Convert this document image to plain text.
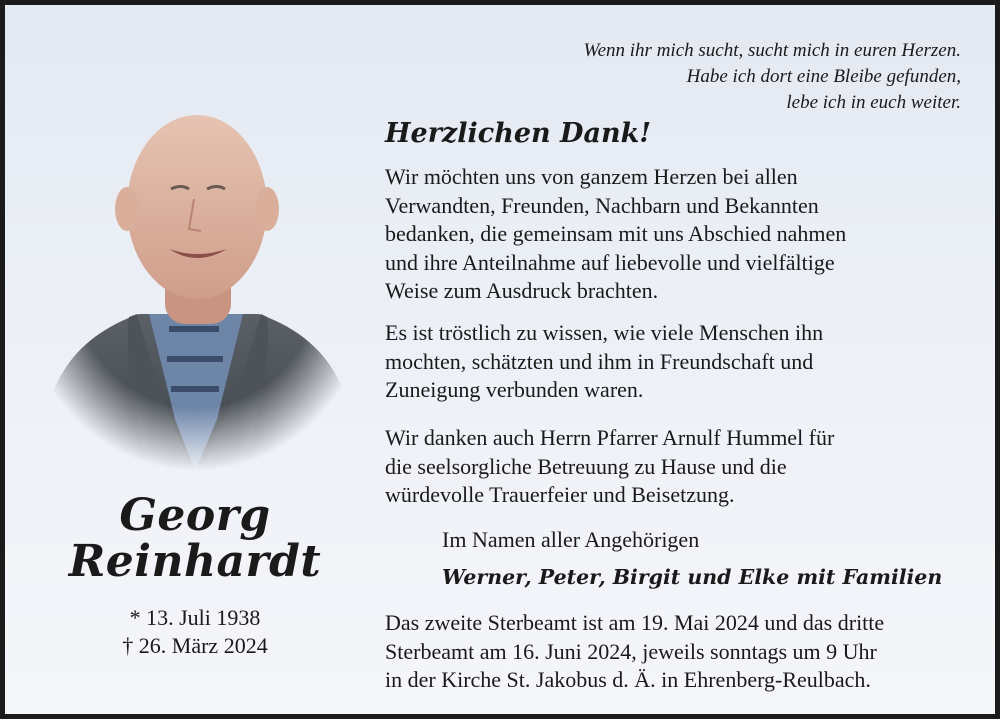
Georg
Reinhardt
* 13. Juli 1938
† 26. März 2024
Wenn ihr mich sucht, sucht mich in euren Herzen.
Habe ich dort eine Bleibe gefunden,
lebe ich in euch weiter.
Herzlichen Dank!
Wir möchten uns von ganzem Herzen bei allen
Verwandten, Freunden, Nachbarn und Bekannten
bedanken, die gemeinsam mit uns Abschied nahmen
und ihre Anteilnahme auf liebevolle und vielfältige
Weise zum Ausdruck brachten.
Es ist tröstlich zu wissen, wie viele Menschen ihn
mochten, schätzten und ihm in Freundschaft und
Zuneigung verbunden waren.
Wir danken auch Herrn Pfarrer Arnulf Hummel für
die seelsorgliche Betreuung zu Hause und die
würdevolle Trauerfeier und Beisetzung.
Im Namen aller Angehörigen
Werner, Peter, Birgit und Elke mit Familien
Das zweite Sterbeamt ist am 19. Mai 2024 und das dritte
Sterbeamt am 16. Juni 2024, jeweils sonntags um 9 Uhr
in der Kirche St. Jakobus d. Ä. in Ehrenberg-Reulbach.
